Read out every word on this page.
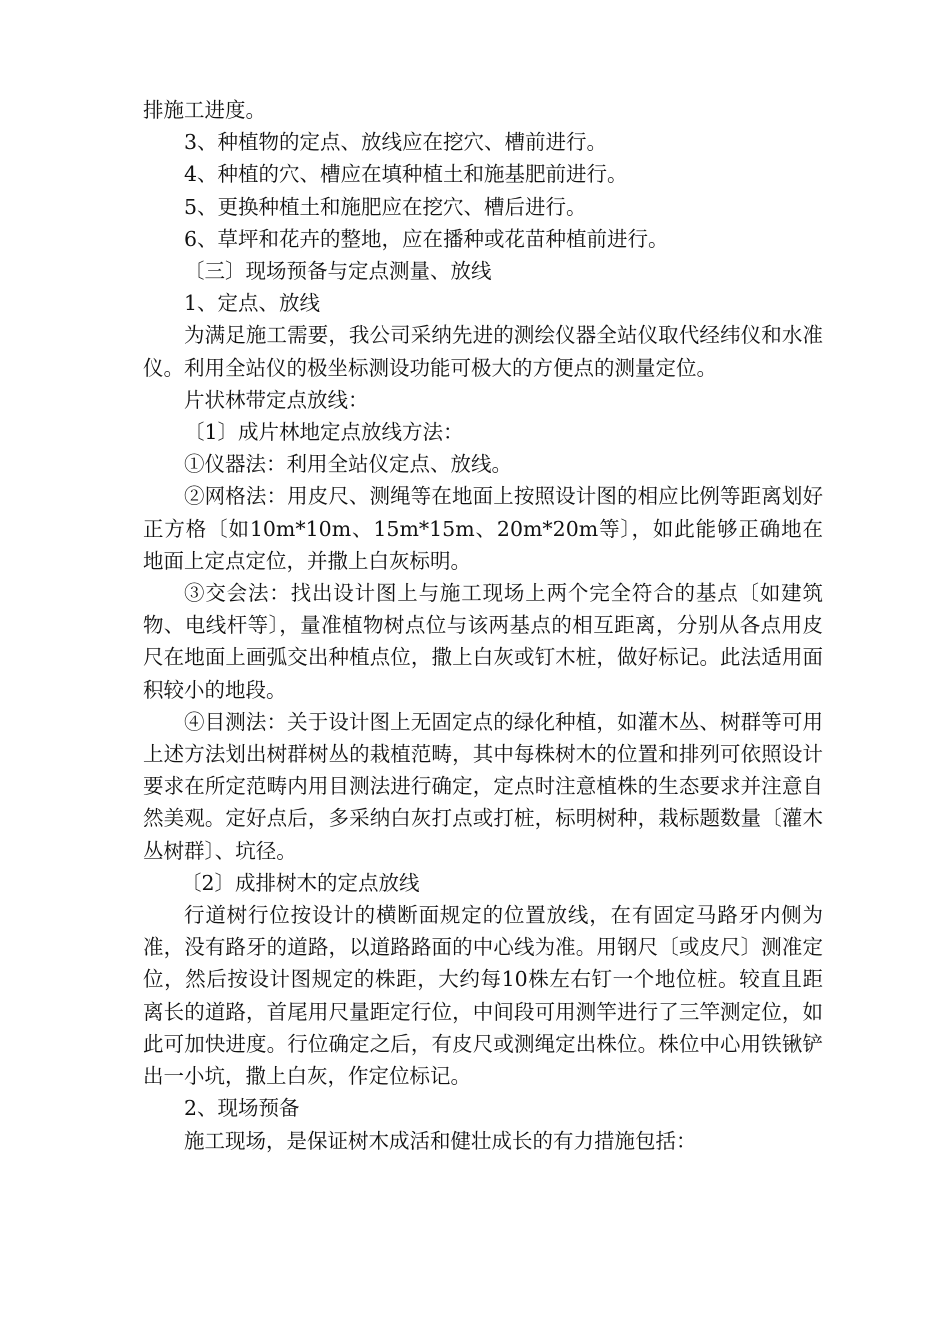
排施工进度。

3、种植物的定点、放线应在挖穴、槽前进行。

4、种植的穴、槽应在填种植土和施基肥前进行。

5、更换种植土和施肥应在挖穴、槽后进行。

6、草坪和花卉的整地，应在播种或花苗种植前进行。

〔三〕现场预备与定点测量、放线

1、定点、放线

为满足施工需要，我公司采纳先进的测绘仪器全站仪取代经纬仪和水准仪。利用全站仪的极坐标测设功能可极大的方便点的测量定位。

片状林带定点放线：

〔1〕成片林地定点放线方法：

①仪器法：利用全站仪定点、放线。

②网格法：用皮尺、测绳等在地面上按照设计图的相应比例等距离划好正方格〔如10m*10m、15m*15m、20m*20m等〕，如此能够正确地在地面上定点定位，并撒上白灰标明。

③交会法：找出设计图上与施工现场上两个完全符合的基点〔如建筑物、电线杆等〕，量准植物树点位与该两基点的相互距离，分别从各点用皮尺在地面上画弧交出种植点位，撒上白灰或钉木桩，做好标记。此法适用面积较小的地段。

④目测法：关于设计图上无固定点的绿化种植，如灌木丛、树群等可用上述方法划出树群树丛的栽植范畴，其中每株树木的位置和排列可依照设计要求在所定范畴内用目测法进行确定，定点时注意植株的生态要求并注意自然美观。定好点后，多采纳白灰打点或打桩，标明树种，栽标题数量〔灌木丛树群〕、坑径。

〔2〕成排树木的定点放线

行道树行位按设计的横断面规定的位置放线，在有固定马路牙内侧为准，没有路牙的道路，以道路路面的中心线为准。用钢尺〔或皮尺〕测准定位，然后按设计图规定的株距，大约每10株左右钉一个地位桩。较直且距离长的道路，首尾用尺量距定行位，中间段可用测竿进行了三竿测定位，如此可加快进度。行位确定之后，有皮尺或测绳定出株位。株位中心用铁锹铲出一小坑，撒上白灰，作定位标记。

2、现场预备

施工现场，是保证树木成活和健壮成长的有力措施包括：
